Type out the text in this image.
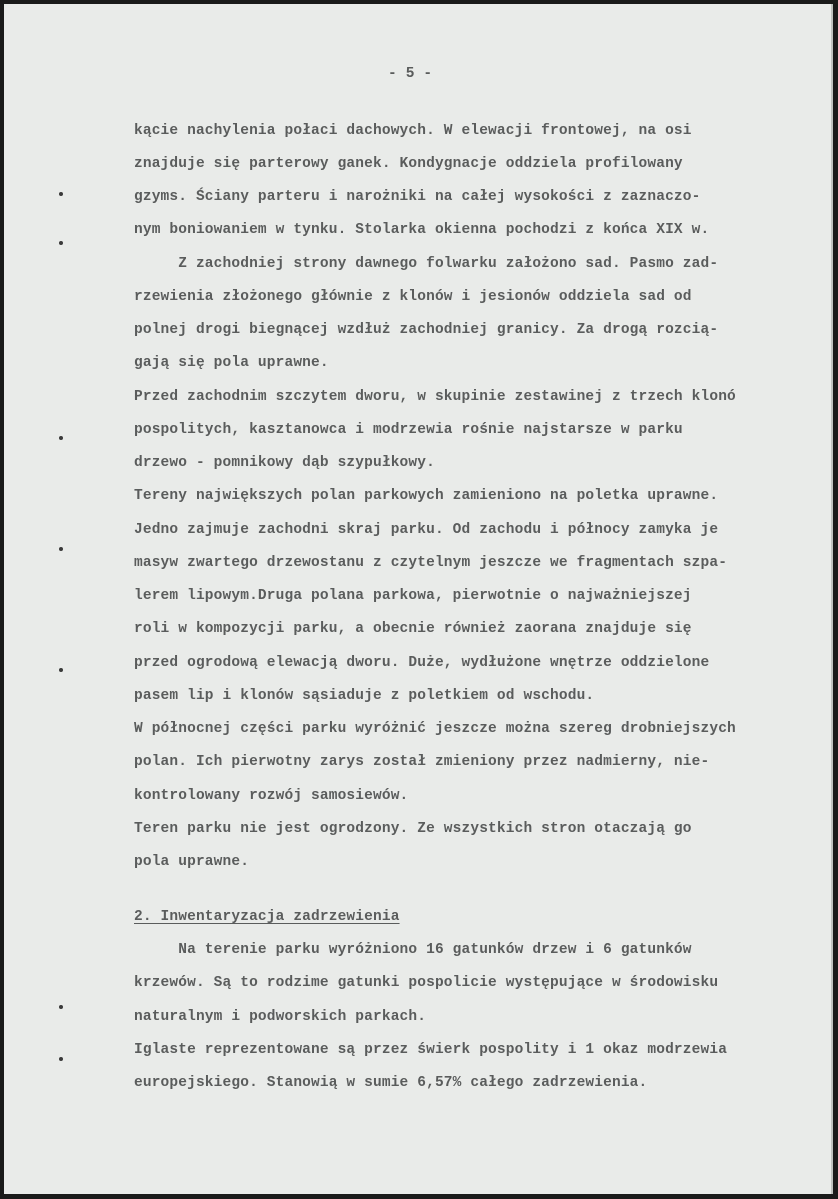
- 5 -
kącie nachylenia połaci dachowych. W elewacji frontowej, na osi
znajduje się parterowy ganek. Kondygnacje oddziela profilowany
gzyms. Ściany parteru i narożniki na całej wysokości z zaznaczo-
nym boniowaniem w tynku. Stolarka okienna pochodzi z końca XIX w.
Z zachodniej strony dawnego folwarku założono sad. Pasmo zad-
rzewienia złożonego głównie z klonów i jesionów oddziela sad od
polnej drogi biegnącej wzdłuż zachodniej granicy. Za drogą rozcią-
gają się pola uprawne.
Przed zachodnim szczytem dworu, w skupinie zestawinej z trzech klonó
pospolitych, kasztanowca i modrzewia rośnie najstarsze w parku
drzewo - pomnikowy dąb szypułkowy.
Tereny największych polan parkowych zamieniono na poletka uprawne.
Jedno zajmuje zachodni skraj parku. Od zachodu i północy zamyka je
masyw zwartego drzewostanu z czytelnym jeszcze we fragmentach szpa-
lerem lipowym.Druga polana parkowa, pierwotnie o najważniejszej
roli w kompozycji parku, a obecnie również zaorana znajduje się
przed ogrodową elewacją dworu. Duże, wydłużone wnętrze oddzielone
pasem lip i klonów sąsiaduje z poletkiem od wschodu.
W północnej części parku wyróżnić jeszcze można szereg drobniejszych
polan. Ich pierwotny zarys został zmieniony przez nadmierny, nie-
kontrolowany rozwój samosiewów.
Teren parku nie jest ogrodzony. Ze wszystkich stron otaczają go
pola uprawne.
2. Inwentaryzacja zadrzewienia
Na terenie parku wyróżniono 16 gatunków drzew i 6 gatunków
krzewów. Są to rodzime gatunki pospolicie występujące w środowisku
naturalnym i podworskich parkach.
Iglaste reprezentowane są przez świerk pospolity i 1 okaz modrzewia
europejskiego. Stanowią w sumie 6,57% całego zadrzewienia.
